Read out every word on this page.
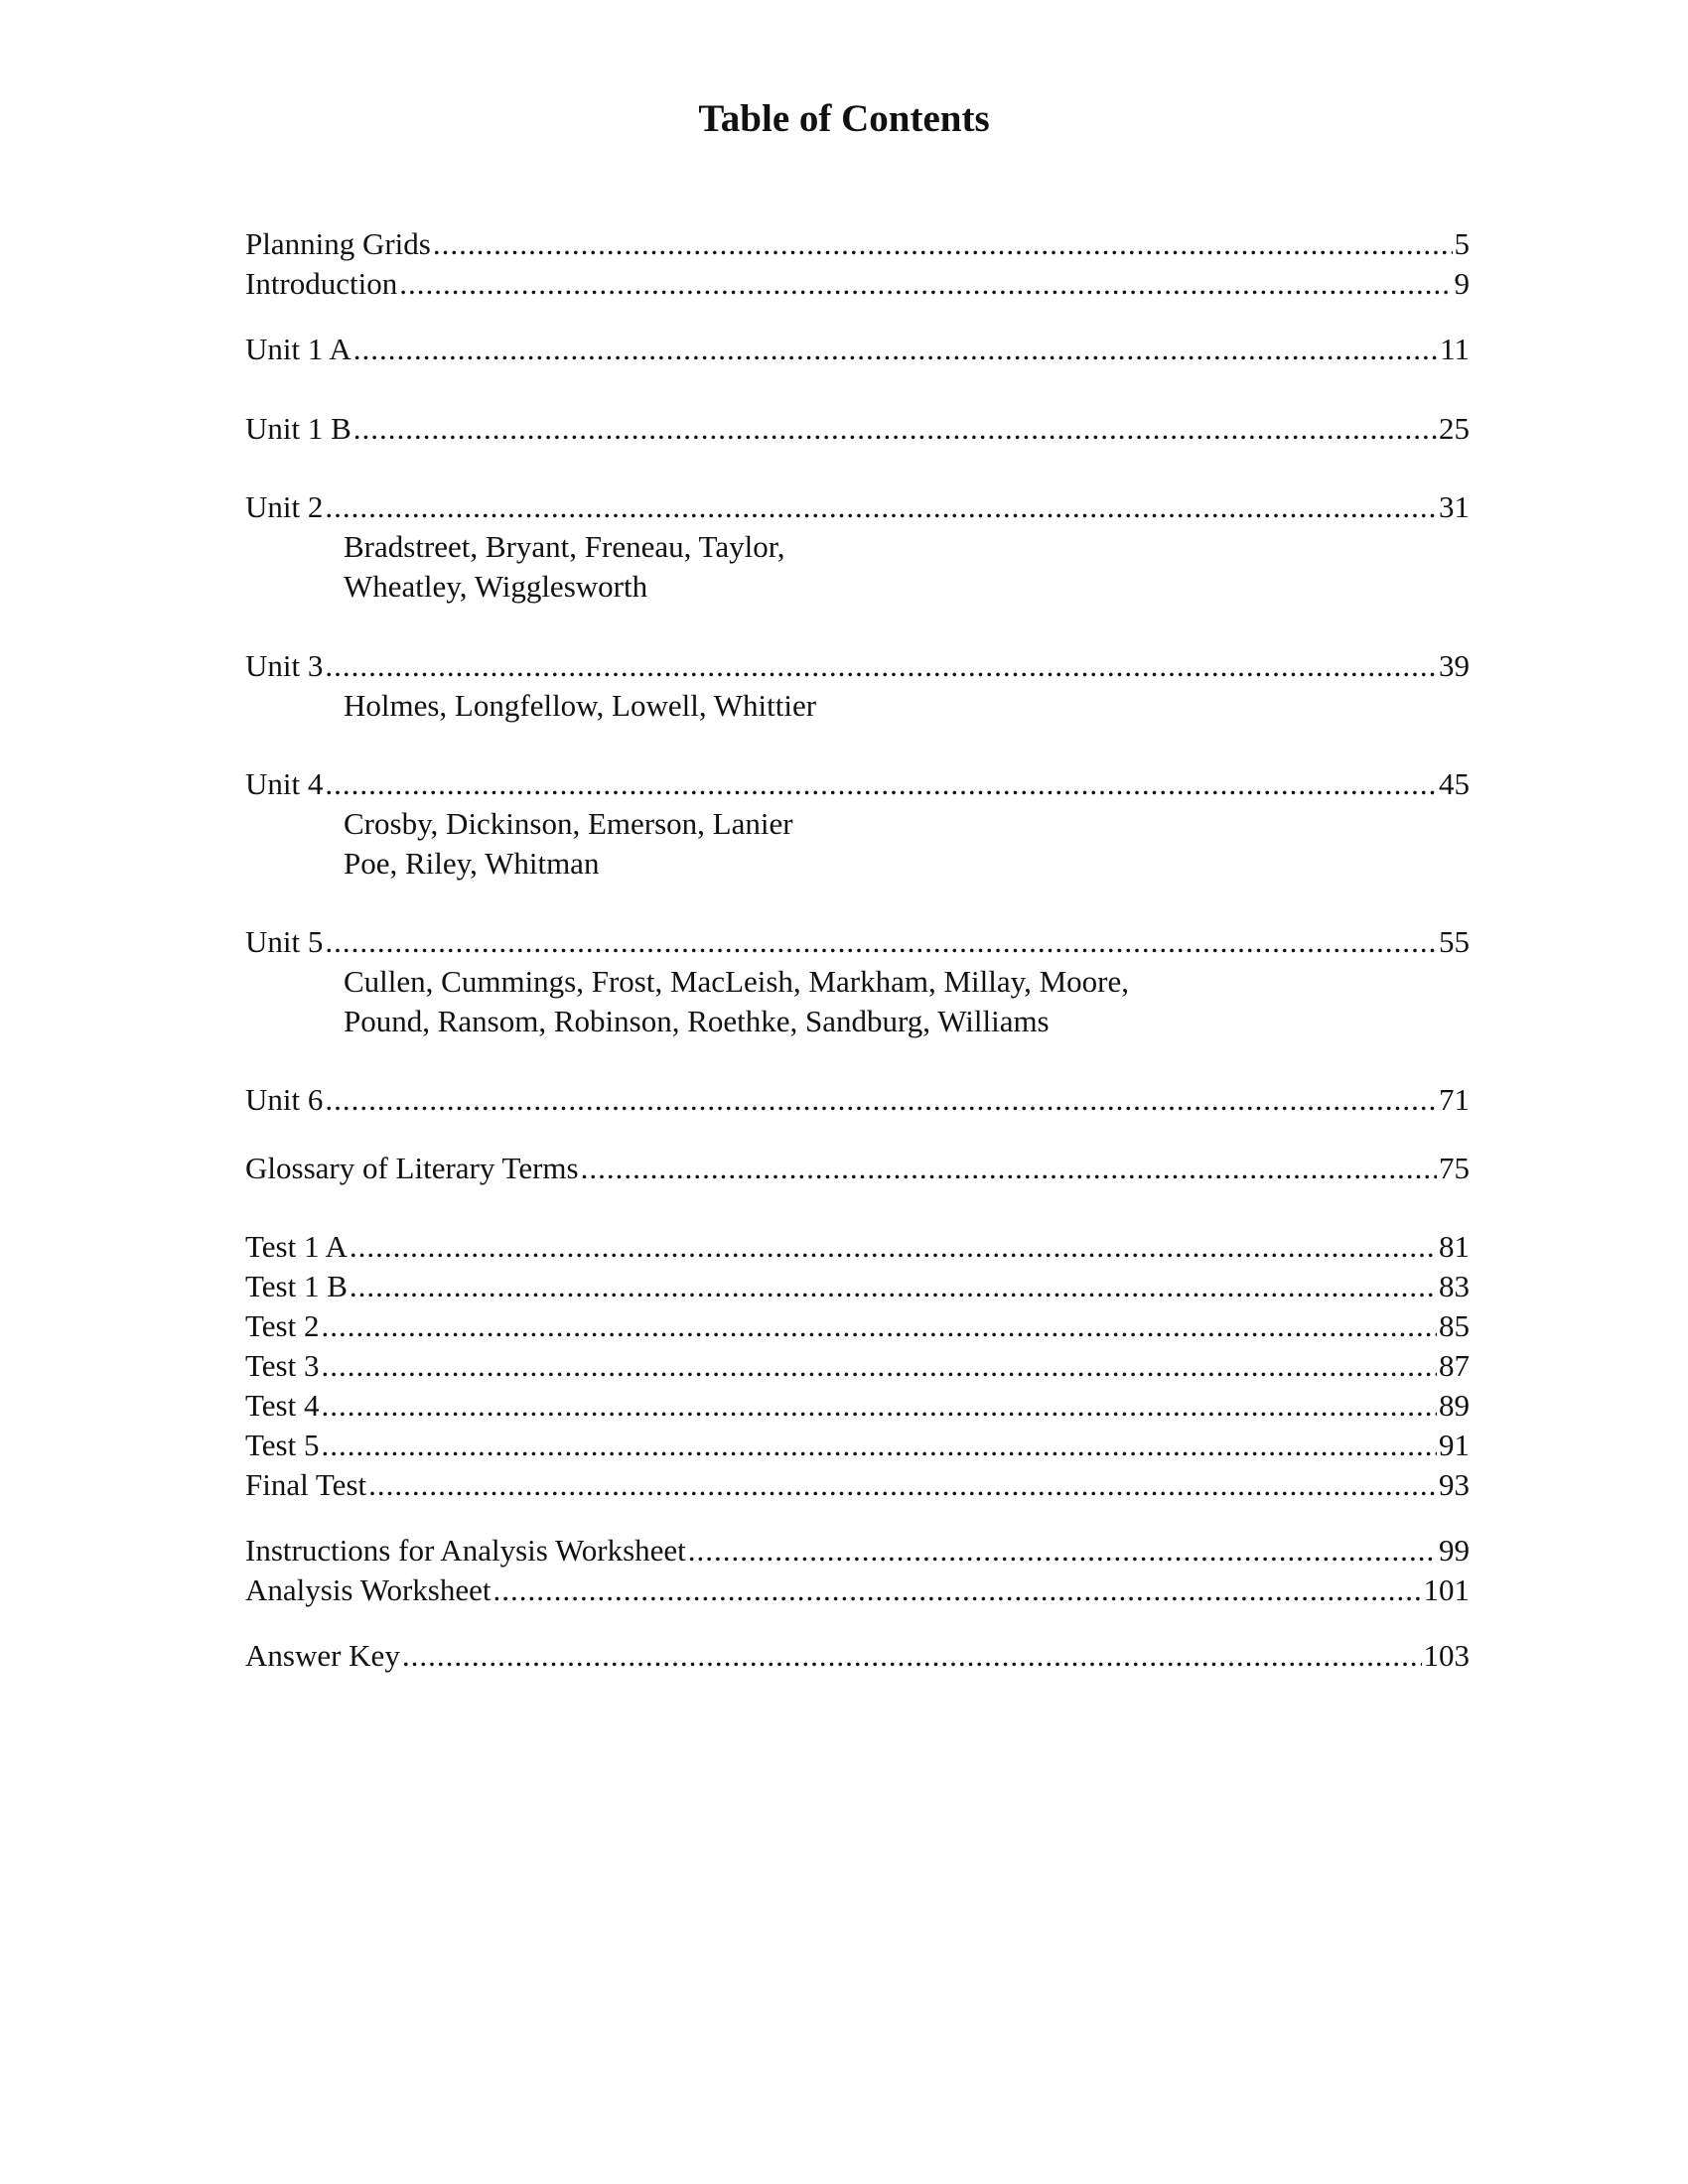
Table of Contents
Planning Grids .....	5
Introduction .....	9
Unit 1 A .....	11
Unit 1 B .....	25
Unit 2 .....	31
Bradstreet, Bryant, Freneau, Taylor,
Wheatley, Wigglesworth
Unit 3 .....	39
Holmes, Longfellow, Lowell, Whittier
Unit 4 .....	45
Crosby, Dickinson, Emerson, Lanier
Poe, Riley, Whitman
Unit 5 .....	55
Cullen, Cummings, Frost, MacLeish, Markham, Millay, Moore,
Pound, Ransom, Robinson, Roethke, Sandburg, Williams
Unit 6 .....	71
Glossary of Literary Terms .....	75
Test 1 A .....	81
Test 1 B .....	83
Test 2 .....	85
Test 3 .....	87
Test 4 .....	89
Test 5 .....	91
Final Test .....	93
Instructions for Analysis Worksheet .....	99
Analysis Worksheet .....	101
Answer Key .....	103
